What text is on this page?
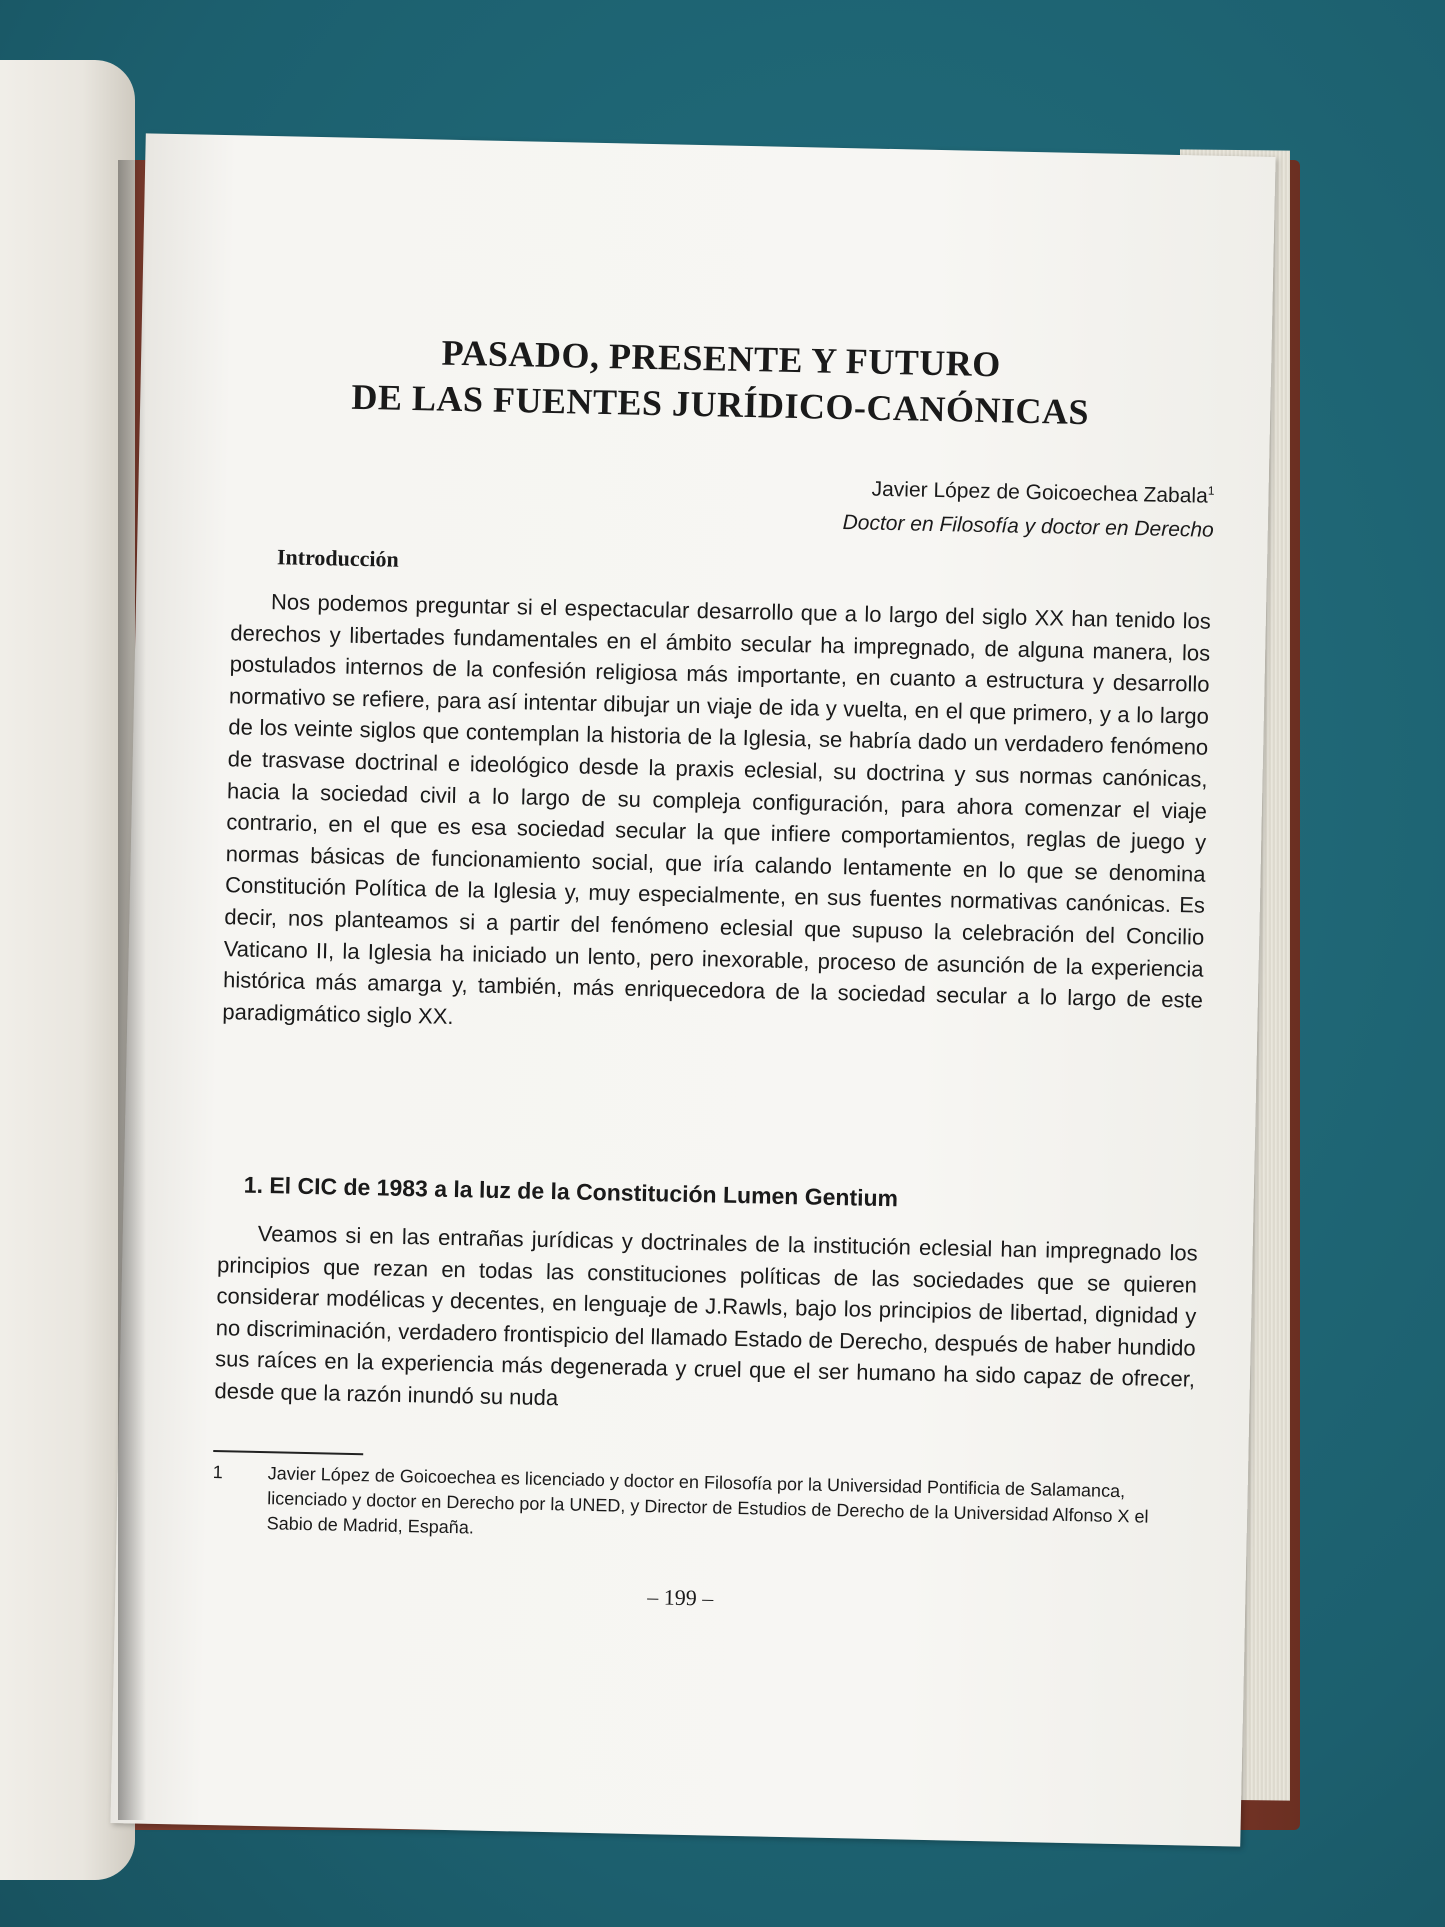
PASADO, PRESENTE Y FUTURO
DE LAS FUENTES JURÍDICO-CANÓNICAS
Javier López de Goicoechea Zabala$^1$
Doctor en Filosofía y doctor en Derecho
Introducción
Nos podemos preguntar si el espectacular desarrollo que a lo largo del siglo XX han tenido los derechos y libertades fundamentales en el ámbito secular ha impregnado, de alguna manera, los postulados internos de la confesión religiosa más importante, en cuanto a estructura y desarrollo normativo se refiere, para así intentar dibujar un viaje de ida y vuelta, en el que primero, y a lo largo de los veinte siglos que contemplan la historia de la Iglesia, se habría dado un verdadero fenómeno de trasvase doctrinal e ideológico desde la praxis eclesial, su doctrina y sus normas canónicas, hacia la sociedad civil a lo largo de su compleja configuración, para ahora comenzar el viaje contrario, en el que es esa sociedad secular la que infiere comportamientos, reglas de juego y normas básicas de funcionamiento social, que iría calando lentamente en lo que se denomina Constitución Política de la Iglesia y, muy especialmente, en sus fuentes normativas canónicas. Es decir, nos planteamos si a partir del fenómeno eclesial que supuso la celebración del Concilio Vaticano II, la Iglesia ha iniciado un lento, pero inexorable, proceso de asunción de la experiencia histórica más amarga y, también, más enriquecedora de la sociedad secular a lo largo de este paradigmático siglo XX.
1. El CIC de 1983 a la luz de la Constitución Lumen Gentium
Veamos si en las entrañas jurídicas y doctrinales de la institución eclesial han impregnado los principios que rezan en todas las constituciones políticas de las sociedades que se quieren considerar modélicas y decentes, en lenguaje de J.Rawls, bajo los principios de libertad, dignidad y no discriminación, verdadero frontispicio del llamado Estado de Derecho, después de haber hundido sus raíces en la experiencia más degenerada y cruel que el ser humano ha sido capaz de ofrecer, desde que la razón inundó su nuda
1 Javier López de Goicoechea es licenciado y doctor en Filosofía por la Universidad Pontificia de Salamanca, licenciado y doctor en Derecho por la UNED, y Director de Estudios de Derecho de la Universidad Alfonso X el Sabio de Madrid, España.
– 199 –
